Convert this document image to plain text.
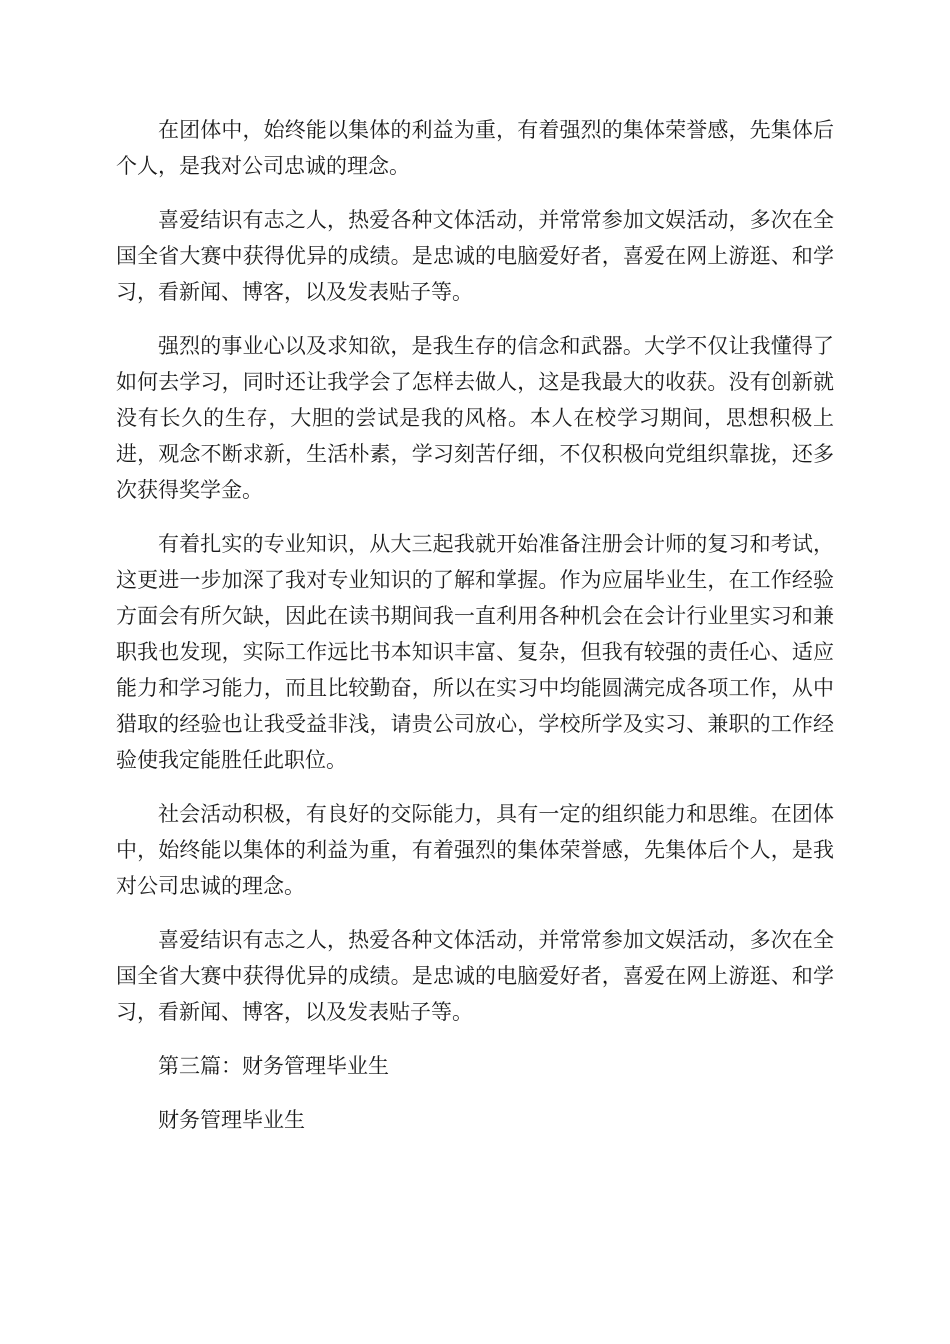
在团体中，始终能以集体的利益为重，有着强烈的集体荣誉感，先集体后个人，是我对公司忠诚的理念。

喜爱结识有志之人，热爱各种文体活动，并常常参加文娱活动，多次在全国全省大赛中获得优异的成绩。是忠诚的电脑爱好者，喜爱在网上游逛、和学习，看新闻、博客，以及发表贴子等。

强烈的事业心以及求知欲，是我生存的信念和武器。大学不仅让我懂得了如何去学习，同时还让我学会了怎样去做人，这是我最大的收获。没有创新就没有长久的生存，大胆的尝试是我的风格。本人在校学习期间，思想积极上进，观念不断求新，生活朴素，学习刻苦仔细，不仅积极向党组织靠拢，还多次获得奖学金。

有着扎实的专业知识，从大三起我就开始准备注册会计师的复习和考试，这更进一步加深了我对专业知识的了解和掌握。作为应届毕业生，在工作经验方面会有所欠缺，因此在读书期间我一直利用各种机会在会计行业里实习和兼职我也发现，实际工作远比书本知识丰富、复杂，但我有较强的责任心、适应能力和学习能力，而且比较勤奋，所以在实习中均能圆满完成各项工作，从中猎取的经验也让我受益非浅，请贵公司放心，学校所学及实习、兼职的工作经验使我定能胜任此职位。

社会活动积极，有良好的交际能力，具有一定的组织能力和思维。在团体中，始终能以集体的利益为重，有着强烈的集体荣誉感，先集体后个人，是我对公司忠诚的理念。

喜爱结识有志之人，热爱各种文体活动，并常常参加文娱活动，多次在全国全省大赛中获得优异的成绩。是忠诚的电脑爱好者，喜爱在网上游逛、和学习，看新闻、博客，以及发表贴子等。

第三篇：财务管理毕业生

财务管理毕业生
